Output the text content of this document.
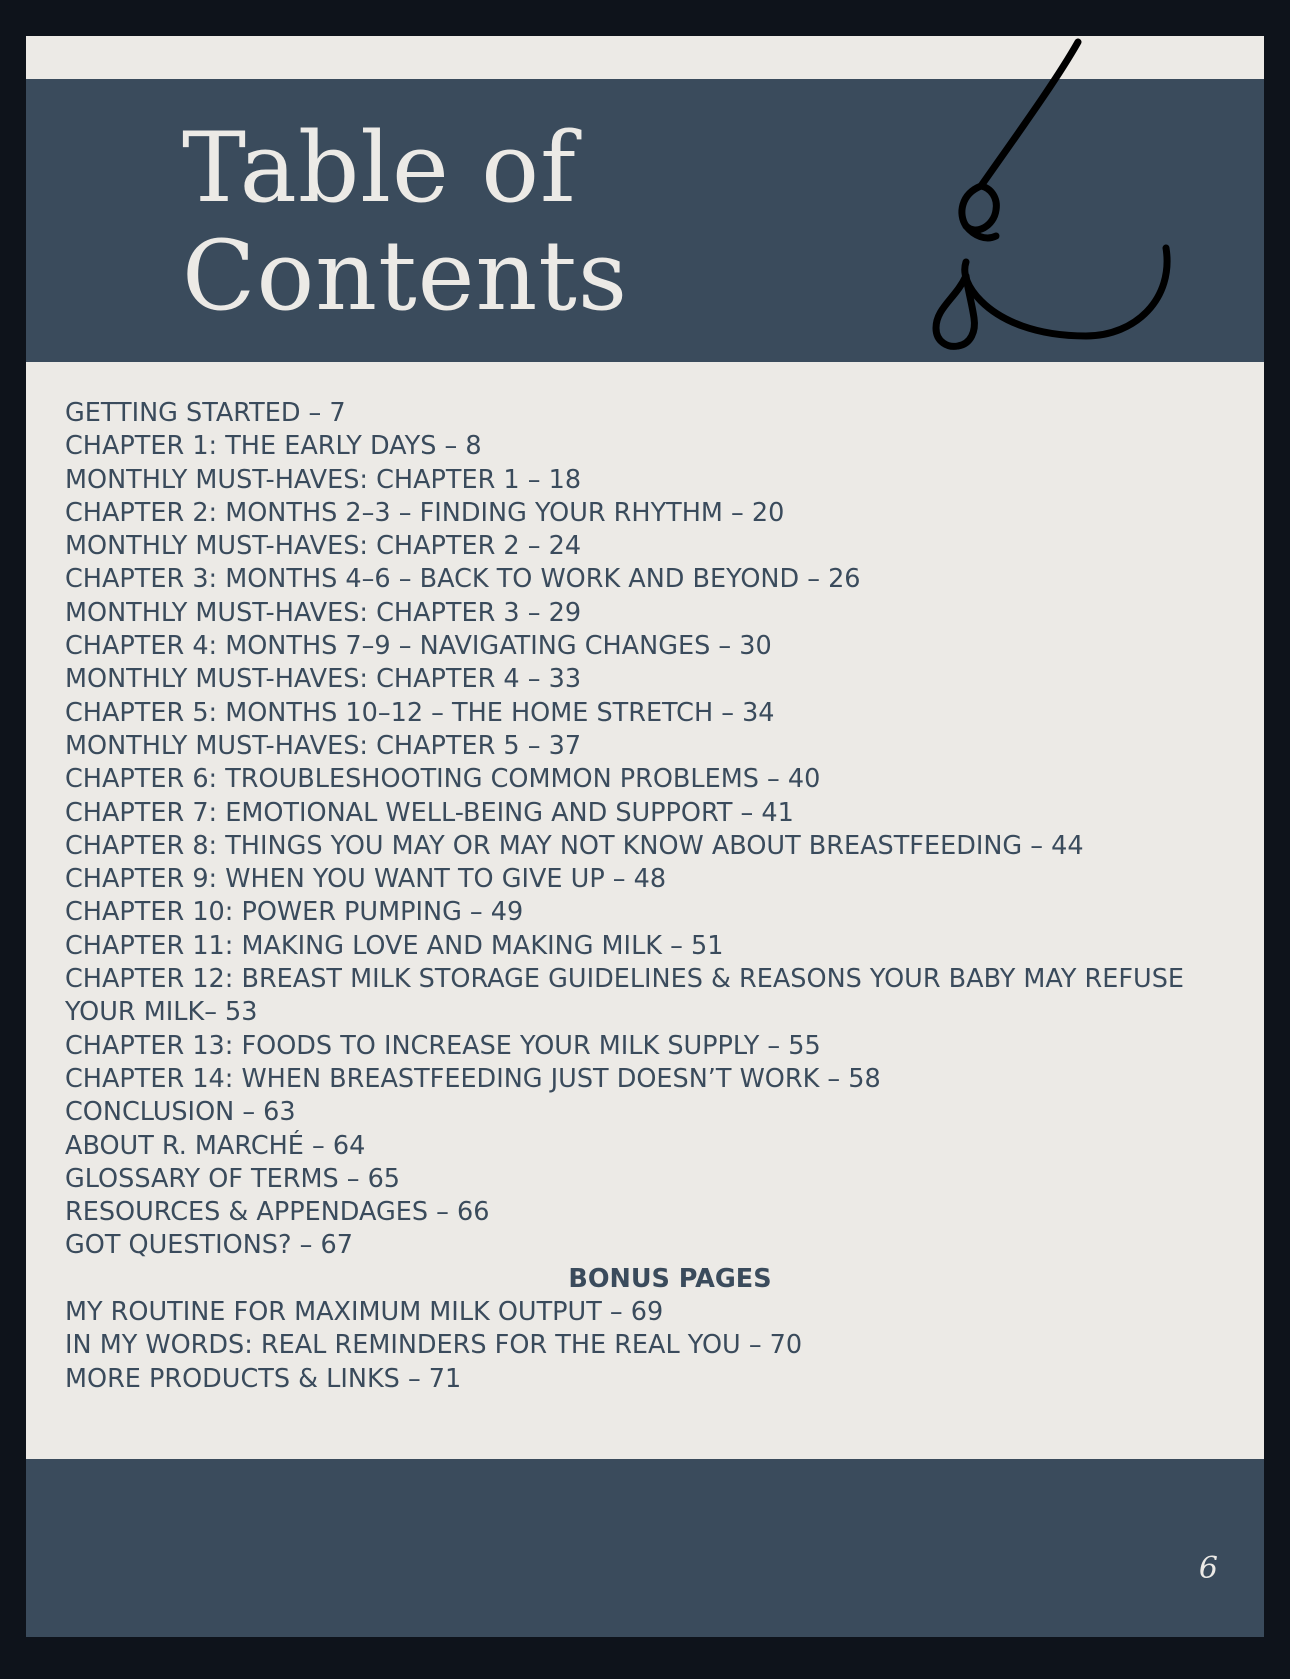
Table of
Contents
GETTING STARTED – 7
CHAPTER 1: THE EARLY DAYS – 8
MONTHLY MUST-HAVES: CHAPTER 1 – 18
CHAPTER 2: MONTHS 2–3 – FINDING YOUR RHYTHM – 20
MONTHLY MUST-HAVES: CHAPTER 2 – 24
CHAPTER 3: MONTHS 4–6 – BACK TO WORK AND BEYOND – 26
MONTHLY MUST-HAVES: CHAPTER 3 – 29
CHAPTER 4: MONTHS 7–9 – NAVIGATING CHANGES – 30
MONTHLY MUST-HAVES: CHAPTER 4 – 33
CHAPTER 5: MONTHS 10–12 – THE HOME STRETCH – 34
MONTHLY MUST-HAVES: CHAPTER 5 – 37
CHAPTER 6: TROUBLESHOOTING COMMON PROBLEMS – 40
CHAPTER 7: EMOTIONAL WELL-BEING AND SUPPORT – 41
CHAPTER 8: THINGS YOU MAY OR MAY NOT KNOW ABOUT BREASTFEEDING – 44
CHAPTER 9: WHEN YOU WANT TO GIVE UP – 48
CHAPTER 10: POWER PUMPING – 49
CHAPTER 11: MAKING LOVE AND MAKING MILK – 51
CHAPTER 12: BREAST MILK STORAGE GUIDELINES & REASONS YOUR BABY MAY REFUSE
YOUR MILK– 53
CHAPTER 13: FOODS TO INCREASE YOUR MILK SUPPLY – 55
CHAPTER 14: WHEN BREASTFEEDING JUST DOESN’T WORK – 58
CONCLUSION – 63
ABOUT R. MARCHÉ – 64
GLOSSARY OF TERMS – 65
RESOURCES & APPENDAGES – 66
GOT QUESTIONS? – 67
BONUS PAGES
MY ROUTINE FOR MAXIMUM MILK OUTPUT – 69
IN MY WORDS: REAL REMINDERS FOR THE REAL YOU – 70
MORE PRODUCTS & LINKS – 71
6
